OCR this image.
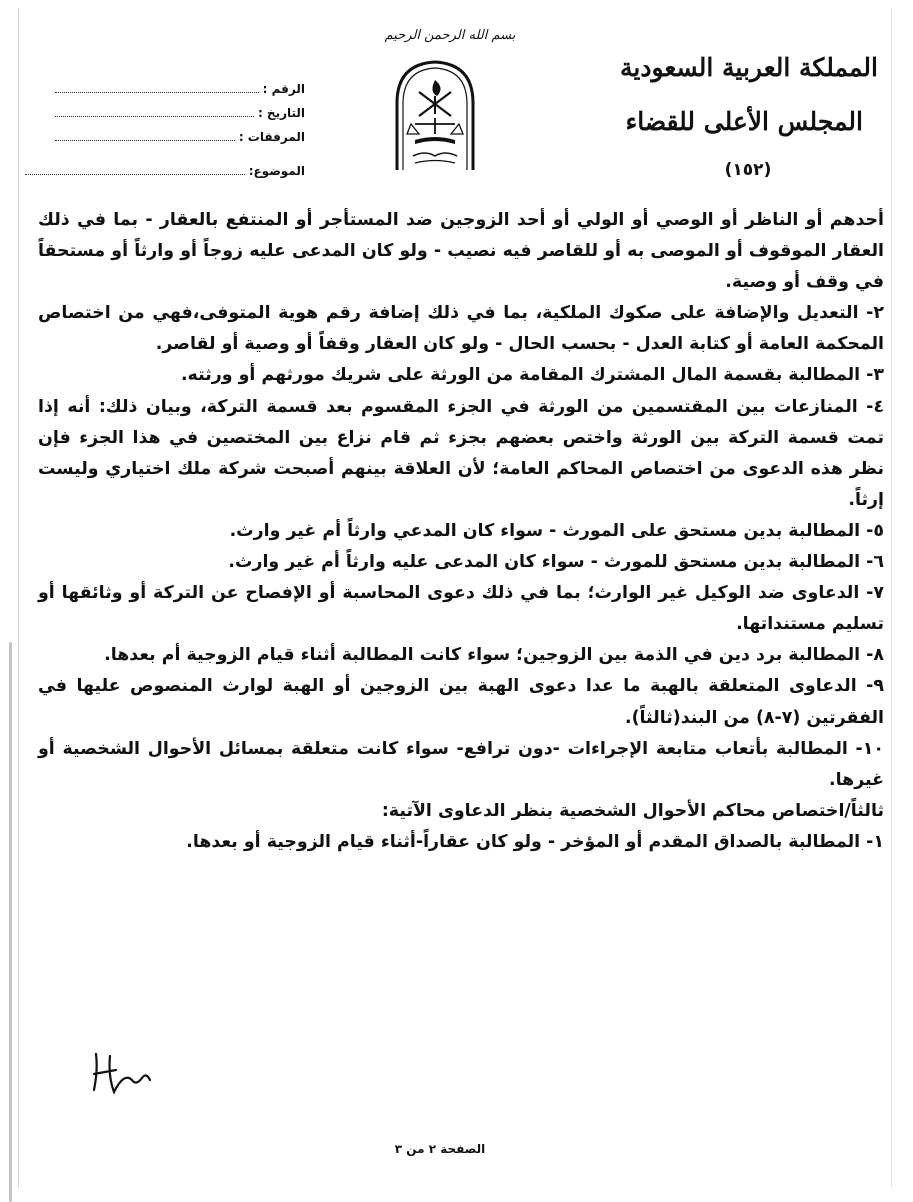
بسم الله الرحمن الرحيم
المملكة العربية السعودية
المجلس الأعلى للقضاء
(١٥٢)
الرقم :
التاريخ :
المرفقات :
الموضوع:

أحدهم أو الناظر أو الوصي أو الولي أو أحد الزوجين ضد المستأجر أو المنتفع بالعقار - بما في ذلك العقار الموقوف أو الموصى به أو للقاصر فيه نصيب - ولو كان المدعى عليه زوجاً أو وارثاً أو مستحقاً في وقف أو وصية.

٢- التعديل والإضافة على صكوك الملكية، بما في ذلك إضافة رقم هوية المتوفى،فهي من اختصاص المحكمة العامة أو كتابة العدل - بحسب الحال - ولو كان العقار وقفاً أو وصية أو لقاصر.

٣- المطالبة بقسمة المال المشترك المقامة من الورثة على شريك مورثهم أو ورثته.

٤- المنازعات بين المقتسمين من الورثة في الجزء المقسوم بعد قسمة التركة، وبيان ذلك: أنه إذا تمت قسمة التركة بين الورثة واختص بعضهم بجزء ثم قام نزاع بين المختصين في هذا الجزء فإن نظر هذه الدعوى من اختصاص المحاكم العامة؛ لأن العلاقة بينهم أصبحت شركة ملك اختياري وليست إرثاً.

٥- المطالبة بدين مستحق على المورث - سواء كان المدعي وارثاً أم غير وارث.

٦- المطالبة بدين مستحق للمورث - سواء كان المدعى عليه وارثاً أم غير وارث.

٧- الدعاوى ضد الوكيل غير الوارث؛ بما في ذلك دعوى المحاسبة أو الإفصاح عن التركة أو وثائقها أو تسليم مستنداتها.

٨- المطالبة برد دين في الذمة بين الزوجين؛ سواء كانت المطالبة أثناء قيام الزوجية أم بعدها.

٩- الدعاوى المتعلقة بالهبة ما عدا دعوى الهبة بين الزوجين أو الهبة لوارث المنصوص عليها في الفقرتين (٧-٨) من البند(ثالثاً).

١٠- المطالبة بأتعاب متابعة الإجراءات -دون ترافع- سواء كانت متعلقة بمسائل الأحوال الشخصية أو غيرها.

ثالثاً/اختصاص محاكم الأحوال الشخصية بنظر الدعاوى الآتية:

١- المطالبة بالصداق المقدم أو المؤخر - ولو كان عقاراً-أثناء قيام الزوجية أو بعدها.

الصفحة ٢ من ٣
